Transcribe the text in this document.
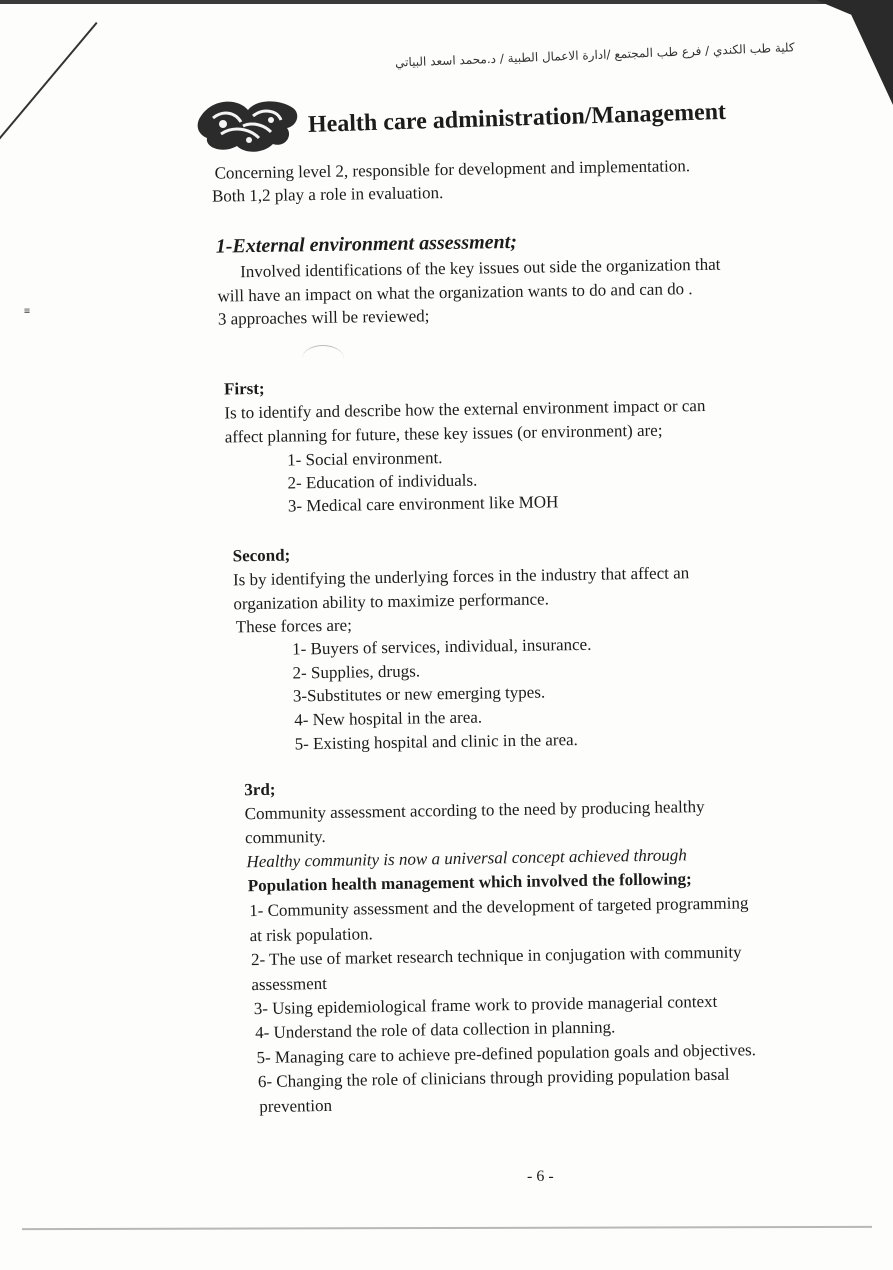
≡
كلية طب الكندي / فرع طب المجتمع /ادارة الاعمال الطبية / د.محمد اسعد البياتي
Health care administration/Management
Concerning level 2, responsible for development and implementation.
Both 1,2 play a role in evaluation.
1-External environment assessment;
Involved identifications of the key issues out side the organization that
will have an impact on what the organization wants to do and can do .
3 approaches will be reviewed;
First;
Is to identify and describe how the external environment impact or can
affect planning for future, these key issues (or environment) are;
1- Social environment.
2- Education of individuals.
3- Medical care environment like MOH
Second;
Is by identifying the underlying forces in the industry that affect an
organization ability to maximize performance.
These forces are;
1- Buyers of services, individual, insurance.
2- Supplies, drugs.
3-Substitutes or new emerging types.
4- New hospital in the area.
5- Existing hospital and clinic in the area.
3rd;
Community assessment according to the need by producing healthy
community.
Healthy community is now a universal concept achieved through
Population health management which involved the following;
1- Community assessment and the development of targeted programming
at risk population.
2- The use of market research technique in conjugation with community
assessment
3- Using epidemiological frame work to provide managerial context
4- Understand the role of data collection in planning.
5- Managing care to achieve pre-defined population goals and objectives.
6- Changing the role of clinicians through providing population basal
prevention
- 6 -
